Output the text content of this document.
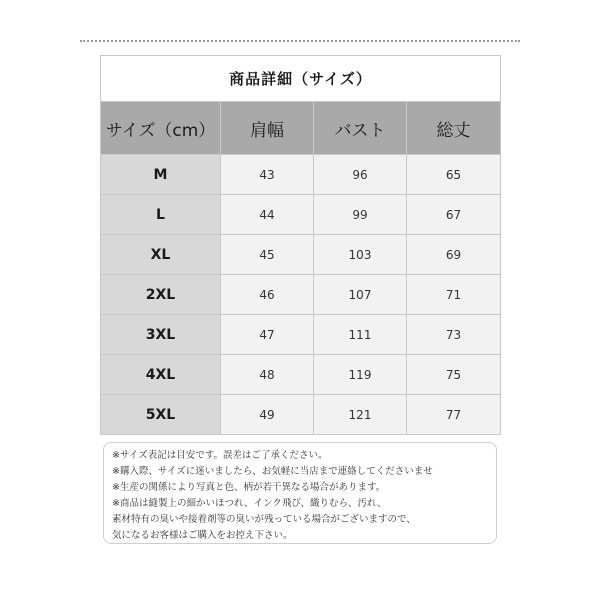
商品詳細（サイズ）			
サイズ（cm）	肩幅	バスト	総丈
M	43	96	65
L	44	99	67
XL	45	103	69
2XL	46	107	71
3XL	47	111	73
4XL	48	119	75
5XL	49	121	77
※サイズ表記は目安です。誤差はご了承ください。
※購入際、サイズに迷いましたら、お気軽に当店まで連絡してくださいませ
※生産の関係により写真と色、柄が若干異なる場合があります。
※商品は縫製上の細かいほつれ、インク飛び、織りむら、汚れ、
素材特有の臭いや接着剤等の臭いが残っている場合がございますので、
気になるお客様はご購入をお控え下さい。
